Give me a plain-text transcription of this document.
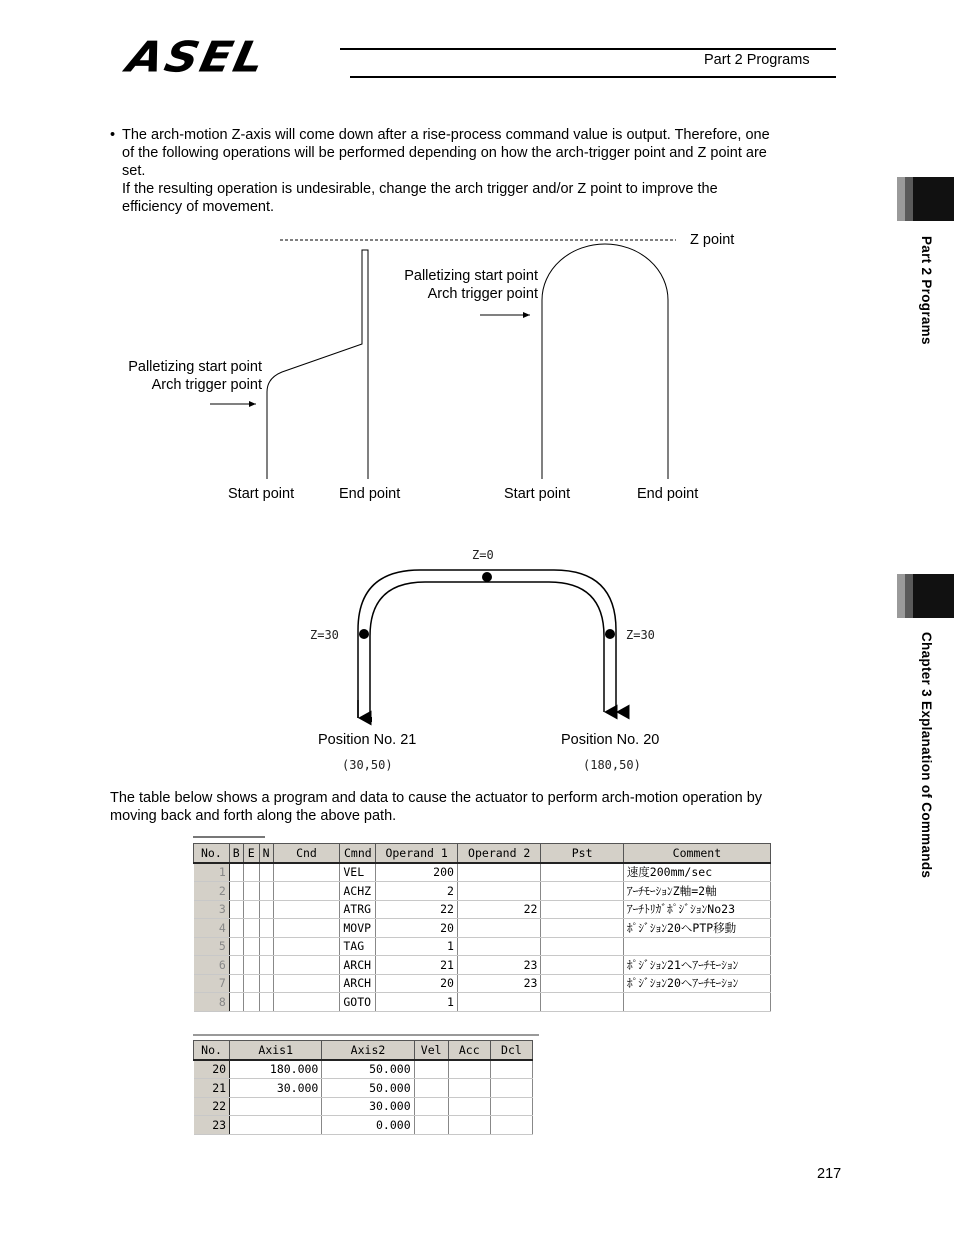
ASEL	Part 2 Programs
Part 2 Programs
Chapter 3 Explanation of Commands
• The arch-motion Z-axis will come down after a rise-process command value is output. Therefore, one
of the following operations will be performed depending on how the arch-trigger point and Z point are
set.
If the resulting operation is undesirable, change the arch trigger and/or Z point to improve the
efficiency of movement.
Z point
Palletizing start point
Arch trigger point
Palletizing start point
Arch trigger point
Start point	End point	Start point	End point
Z=0
Z=30	Z=30
Position No. 21
(30,50)
Position No. 20
(180,50)
The table below shows a program and data to cause the actuator to perform arch-motion operation by
moving back and forth along the above path.
No.	B	E	N	Cnd	Cmnd	Operand 1	Operand 2	Pst	Comment
1					VEL	200			速度200mm/sec
2					ACHZ	2			ｱｰﾁﾓｰｼｮﾝZ軸=2軸
3					ATRG	22	22		ｱｰﾁﾄﾘｶﾞﾎﾟｼﾞｼｮﾝNo23
4					MOVP	20			ﾎﾟｼﾞｼｮﾝ20へPTP移動
5					TAG	1			
6					ARCH	21	23		ﾎﾟｼﾞｼｮﾝ21へｱｰﾁﾓｰｼｮﾝ
7					ARCH	20	23		ﾎﾟｼﾞｼｮﾝ20へｱｰﾁﾓｰｼｮﾝ
8					GOTO	1			
No.	Axis1	Axis2	Vel	Acc	Dcl
20	180.000	50.000			
21	30.000	50.000			
22		30.000			
23		0.000			
217
